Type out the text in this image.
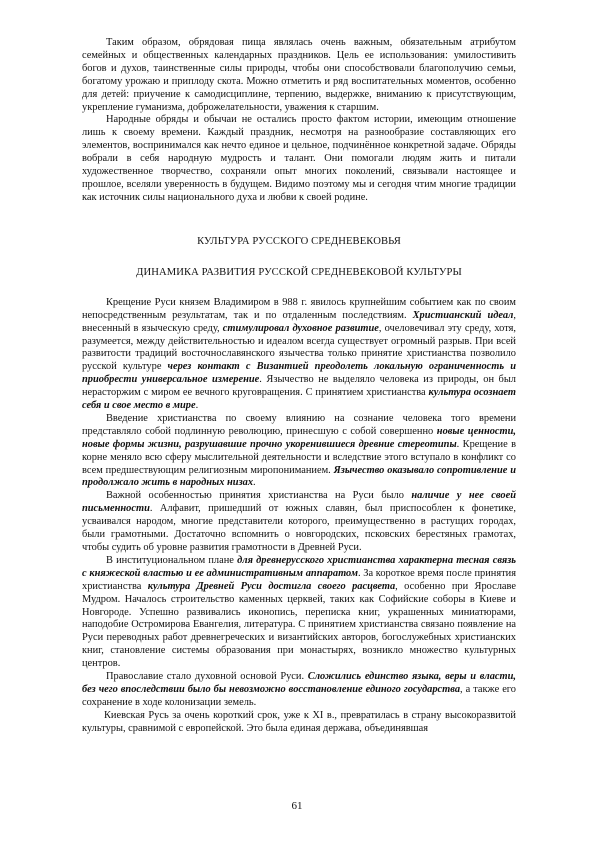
Таким образом, обрядовая пища являлась очень важным, обязательным атрибутом семейных и общественных календарных праздников. Цель ее использования: умилостивить богов и духов, таинственные силы природы, чтобы они способствовали благополучию семьи, богатому урожаю и приплоду скота. Можно отметить и ряд воспитательных моментов, особенно для детей: приучение к самодисциплине, терпению, выдержке, вниманию к присутствующим, укрепление гуманизма, доброжелательности, уважения к старшим.

Народные обряды и обычаи не остались просто фактом истории, имеющим отношение лишь к своему времени. Каждый праздник, несмотря на разнообразие составляющих его элементов, воспринимался как нечто единое и цельное, подчинённое конкретной задаче. Обряды вобрали в себя народную мудрость и талант. Они помогали людям жить и питали художественное творчество, сохраняли опыт многих поколений, связывали настоящее и прошлое, вселяли уверенность в будущем. Видимо поэтому мы и сегодня чтим многие традиции как источник силы национального духа и любви к своей родине.

КУЛЬТУРА РУССКОГО СРЕДНЕВЕКОВЬЯ
ДИНАМИКА РАЗВИТИЯ РУССКОЙ СРЕДНЕВЕКОВОЙ КУЛЬТУРЫ

Крещение Руси князем Владимиром в 988 г. явилось крупнейшим событием как по своим непосредственным результатам, так и по отдаленным последствиям. Христианский идеал, внесенный в языческую среду, стимулировал духовное развитие, очеловечивал эту среду, хотя, разумеется, между действительностью и идеалом всегда существует огромный разрыв. При всей развитости традиций восточнославянского язычества только принятие христианства позволило русской культуре через контакт с Византией преодолеть локальную ограниченность и приобрести универсальное измерение. Язычество не выделяло человека из природы, он был нерасторжим с миром ее вечного круговращения. С принятием христианства культура осознает себя и свое место в мире.

Введение христианства по своему влиянию на сознание человека того времени представляло собой подлинную революцию, принесшую с собой совершенно новые ценности, новые формы жизни, разрушавшие прочно укоренившиеся древние стереотипы. Крещение в корне меняло всю сферу мыслительной деятельности и вследствие этого вступало в конфликт со всем предшествующим религиозным миропониманием. Язычество оказывало сопротивление и продолжало жить в народных низах.

Важной особенностью принятия христианства на Руси было наличие у нее своей письменности. Алфавит, пришедший от южных славян, был приспособлен к фонетике, усваивался народом, многие представители которого, преимущественно в растущих городах, были грамотными. Достаточно вспомнить о новгородских, псковских берестяных грамотах, чтобы судить об уровне развития грамотности в Древней Руси.

В институциональном плане для древнерусского христианства характерна тесная связь с княжеской властью и ее административным аппаратом. За короткое время после принятия христианства культура Древней Руси достигла своего расцвета, особенно при Ярославе Мудром. Началось строительство каменных церквей, таких как Софийские соборы в Киеве и Новгороде. Успешно развивались иконопись, переписка книг, украшенных миниатюрами, наподобие Остромирова Евангелия, литература. С принятием христианства связано появление на Руси переводных работ древнегреческих и византийских авторов, богослужебных христианских книг, становление системы образования при монастырях, возникло множество культурных центров.

Православие стало духовной основой Руси. Сложились единство языка, веры и власти, без чего впоследствии было бы невозможно восстановление единого государства, а также его сохранение в ходе колонизации земель.

Киевская Русь за очень короткий срок, уже к XI в., превратилась в страну высокоразвитой культуры, сравнимой с европейской. Это была единая держава, объединявшая

61
